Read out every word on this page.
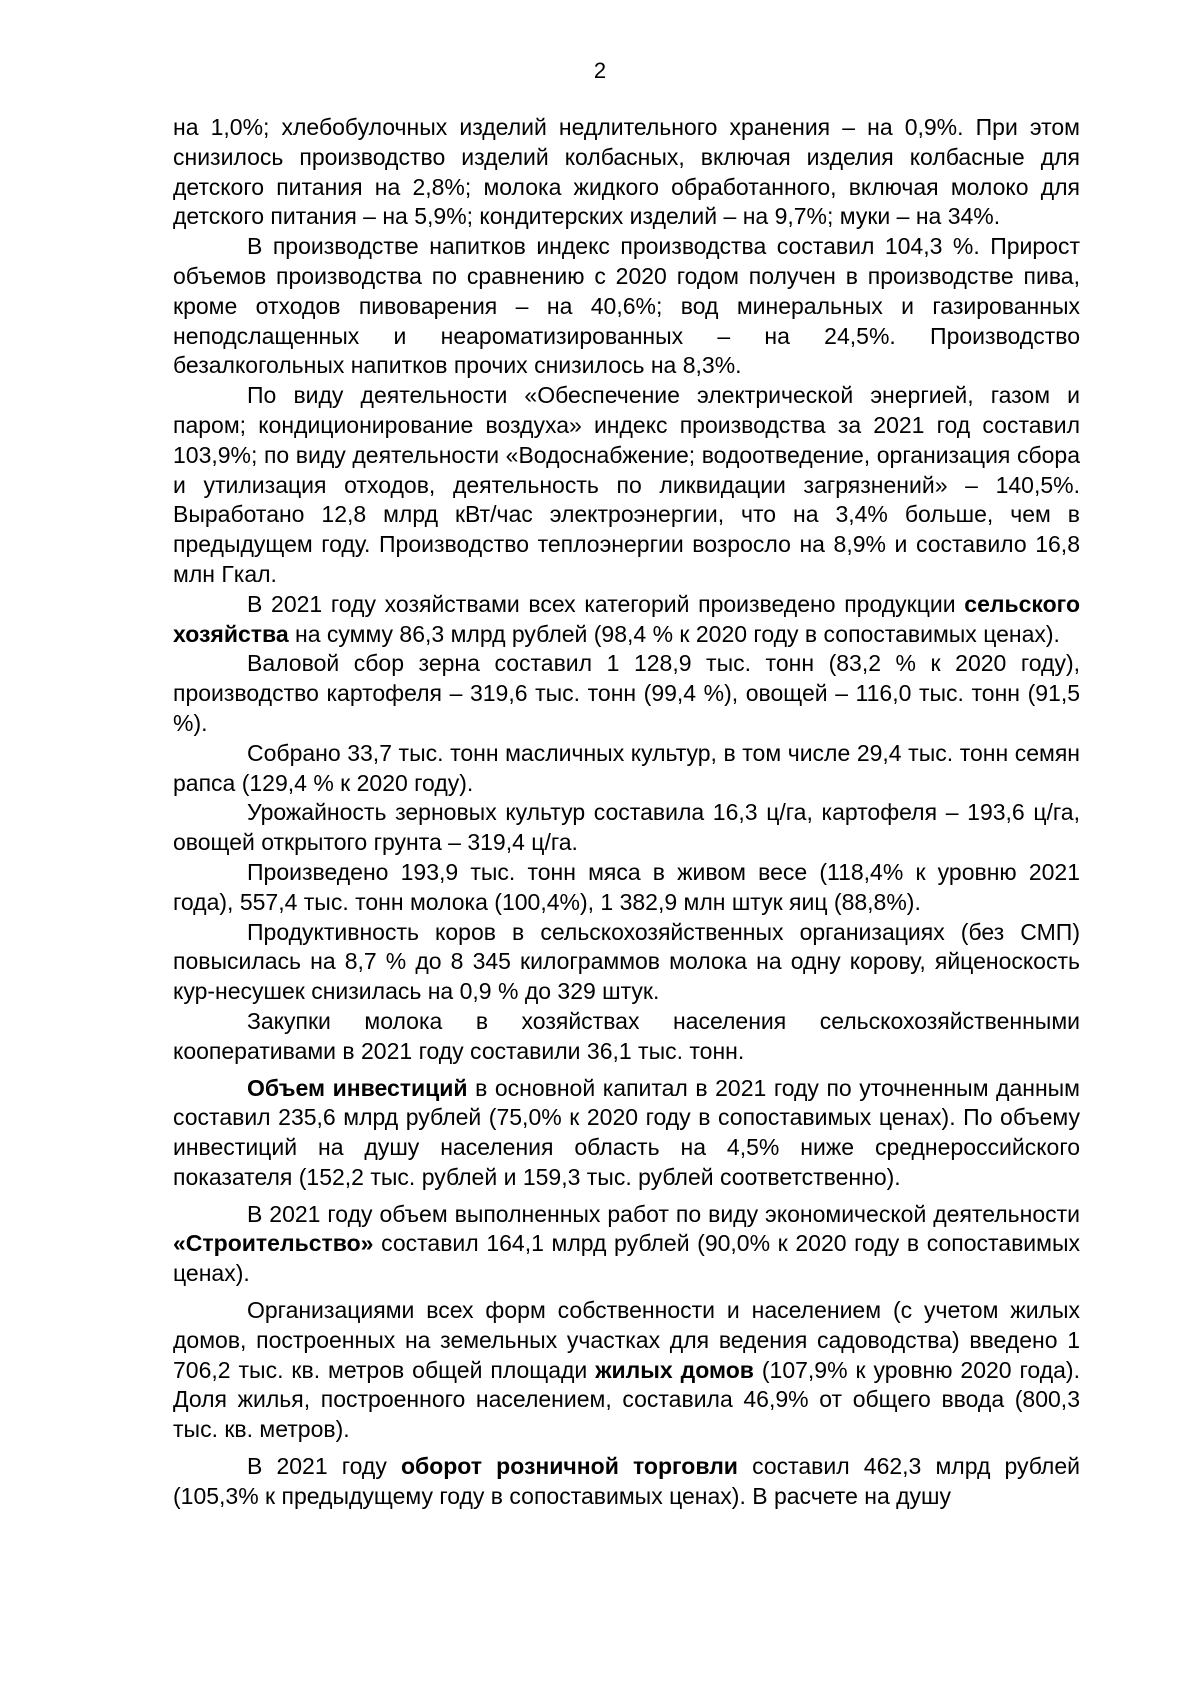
2

на 1,0%; хлебобулочных изделий недлительного хранения – на 0,9%. При этом снизилось производство изделий колбасных, включая изделия колбасные для детского питания на 2,8%; молока жидкого обработанного, включая молоко для детского питания – на 5,9%; кондитерских изделий – на 9,7%; муки – на 34%.

В производстве напитков индекс производства составил 104,3 %. Прирост объемов производства по сравнению с 2020 годом получен в производстве пива, кроме отходов пивоварения – на 40,6%; вод минеральных и газированных неподслащенных и неароматизированных – на 24,5%. Производство безалкогольных напитков прочих снизилось на 8,3%.

По виду деятельности «Обеспечение электрической энергией, газом и паром; кондиционирование воздуха» индекс производства за 2021 год составил 103,9%; по виду деятельности «Водоснабжение; водоотведение, организация сбора и утилизация отходов, деятельность по ликвидации загрязнений» – 140,5%. Выработано 12,8 млрд кВт/час электроэнергии, что на 3,4% больше, чем в предыдущем году. Производство теплоэнергии возросло на 8,9% и составило 16,8 млн Гкал.

В 2021 году хозяйствами всех категорий произведено продукции сельского хозяйства на сумму 86,3 млрд рублей (98,4 % к 2020 году в сопоставимых ценах).

Валовой сбор зерна составил 1 128,9 тыс. тонн (83,2 % к 2020 году), производство картофеля – 319,6 тыс. тонн (99,4 %), овощей – 116,0 тыс. тонн (91,5 %).

Собрано 33,7 тыс. тонн масличных культур, в том числе 29,4 тыс. тонн семян рапса (129,4 % к 2020 году).

Урожайность зерновых культур составила 16,3 ц/га, картофеля – 193,6 ц/га, овощей открытого грунта – 319,4 ц/га.

Произведено 193,9 тыс. тонн мяса в живом весе (118,4% к уровню 2021 года), 557,4 тыс. тонн молока (100,4%), 1 382,9 млн штук яиц (88,8%).

Продуктивность коров в сельскохозяйственных организациях (без СМП) повысилась на 8,7 % до 8 345 килограммов молока на одну корову, яйценоскость кур-несушек снизилась на 0,9 % до 329 штук.

Закупки молока в хозяйствах населения сельскохозяйственными кооперативами в 2021 году составили 36,1 тыс. тонн.

Объем инвестиций в основной капитал в 2021 году по уточненным данным составил 235,6 млрд рублей (75,0% к 2020 году в сопоставимых ценах). По объему инвестиций на душу населения область на 4,5% ниже среднероссийского показателя (152,2 тыс. рублей и 159,3 тыс. рублей соответственно).

В 2021 году объем выполненных работ по виду экономической деятельности «Строительство» составил 164,1 млрд рублей (90,0% к 2020 году в сопоставимых ценах).

Организациями всех форм собственности и населением (с учетом жилых домов, построенных на земельных участках для ведения садоводства) введено 1 706,2 тыс. кв. метров общей площади жилых домов (107,9% к уровню 2020 года). Доля жилья, построенного населением, составила 46,9% от общего ввода (800,3 тыс. кв. метров).

В 2021 году оборот розничной торговли составил 462,3 млрд рублей (105,3% к предыдущему году в сопоставимых ценах). В расчете на душу
